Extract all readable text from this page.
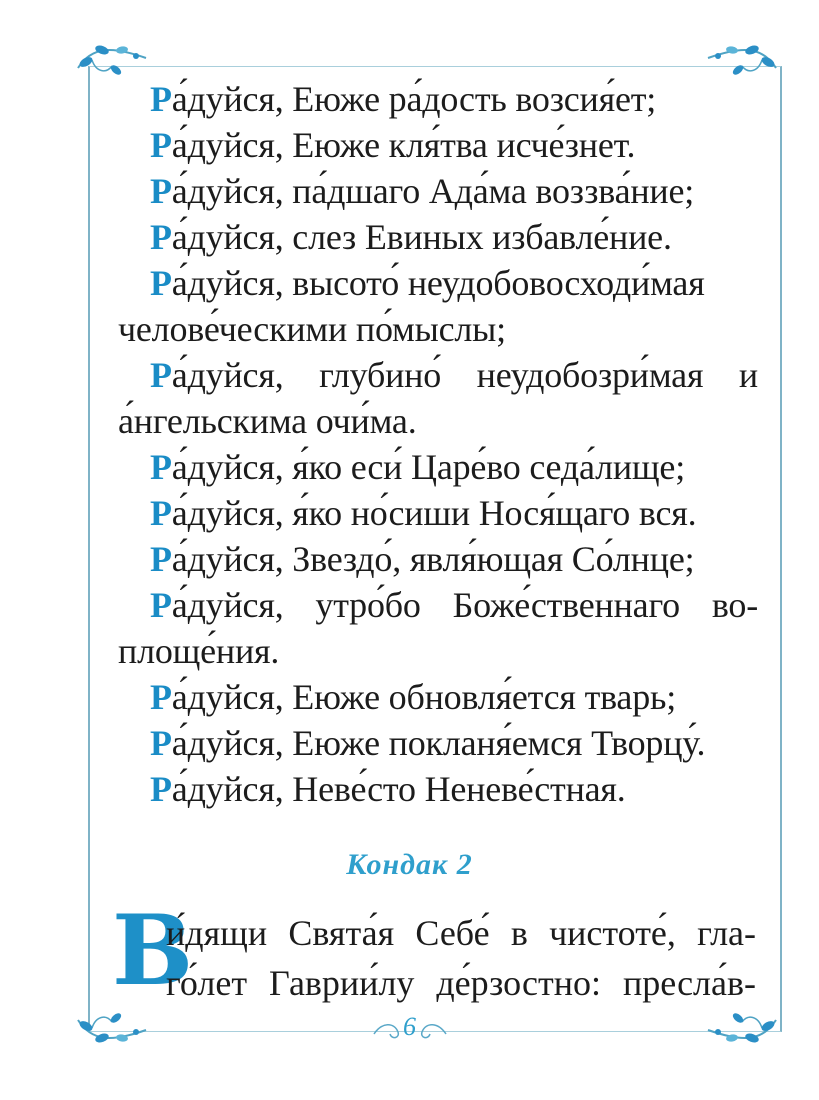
Ра́дуйся, Еюже ра́дость возсия́ет;
Ра́дуйся, Еюже кля́тва исче́знет.
Ра́дуйся, па́дшаго Ада́ма воззва́ние;
Ра́дуйся, слез Евиных избавле́ние.
Ра́дуйся, высото́ неудобовосходи́мая
челове́ческими по́мыслы;
Ра́дуйся, глубино́ неудобозри́мая и
а́нгельскима очи́ма.
Ра́дуйся, я́ко еси́ Царе́во седа́лище;
Ра́дуйся, я́ко но́сиши Нося́щаго вся.
Ра́дуйся, Звездо́, явля́ющая Со́лнце;
Ра́дуйся, утро́бо Боже́ственнаго во-
площе́ния.
Ра́дуйся, Еюже обновля́ется тварь;
Ра́дуйся, Еюже покланя́емся Творцу́.
Ра́дуйся, Неве́сто Неневе́стная.
Кондак 2
В
и́дящи Свята́я Себе́ в чистоте́, гла-
го́лет Гаврии́лу де́рзостно: пресла́в-
6
